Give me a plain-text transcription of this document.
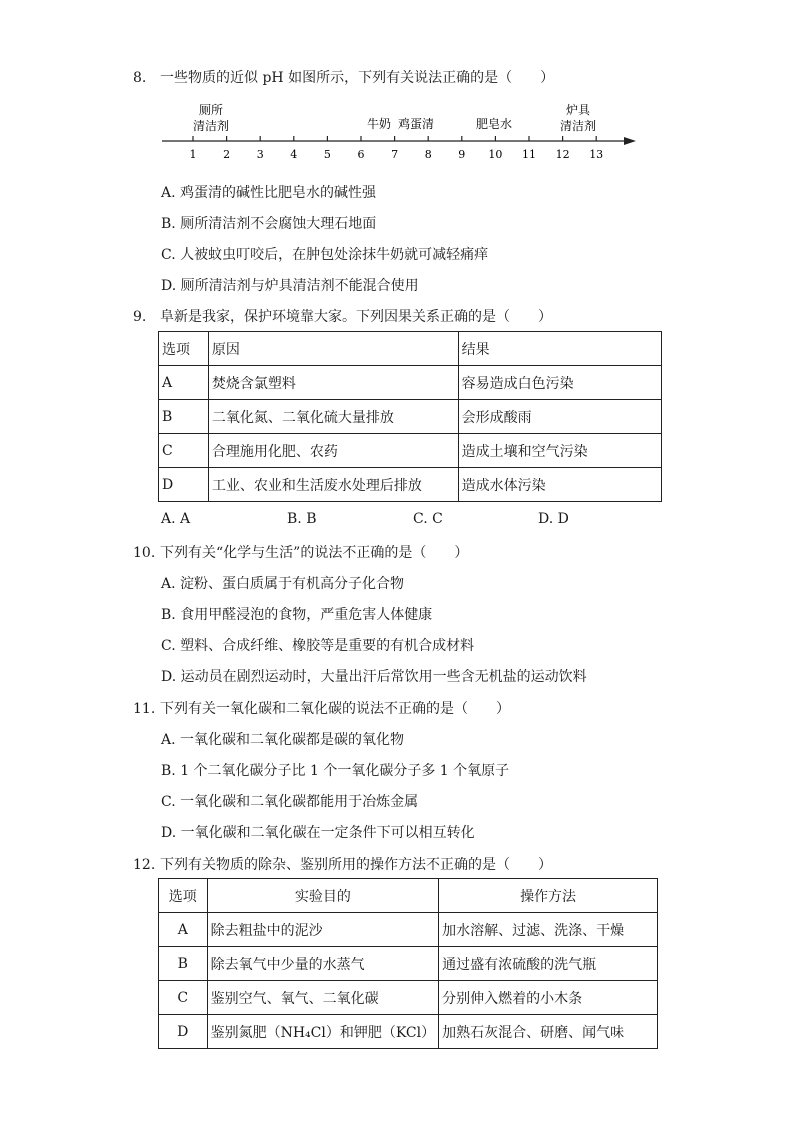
8. 一些物质的近似 pH 如图所示，下列有关说法正确的是（　　）
厕所
清洁剂	牛奶 鸡蛋清	肥皂水
炉具
清洁剂
1 2 3 4 5 6 7 8 9 10 11 12 13
A. 鸡蛋清的碱性比肥皂水的碱性强
B. 厕所清洁剂不会腐蚀大理石地面
C. 人被蚊虫叮咬后，在肿包处涂抹牛奶就可减轻痛痒
D. 厕所清洁剂与炉具清洁剂不能混合使用
9. 阜新是我家，保护环境靠大家。下列因果关系正确的是（　　）
选项	原因	结果
A	焚烧含氯塑料	容易造成白色污染
B	二氧化氮、二氧化硫大量排放	会形成酸雨
C	合理施用化肥、农药	造成土壤和空气污染
D	工业、农业和生活废水处理后排放	造成水体污染
A. A	B. B	C. C	D. D
10. 下列有关“化学与生活”的说法不正确的是（　　）
A. 淀粉、蛋白质属于有机高分子化合物
B. 食用甲醛浸泡的食物，严重危害人体健康
C. 塑料、合成纤维、橡胶等是重要的有机合成材料
D. 运动员在剧烈运动时，大量出汗后常饮用一些含无机盐的运动饮料
11. 下列有关一氧化碳和二氧化碳的说法不正确的是（　　）
A. 一氧化碳和二氧化碳都是碳的氧化物
B. 1 个二氧化碳分子比 1 个一氧化碳分子多 1 个氧原子
C. 一氧化碳和二氧化碳都能用于冶炼金属
D. 一氧化碳和二氧化碳在一定条件下可以相互转化
12. 下列有关物质的除杂、鉴别所用的操作方法不正确的是（　　）
选项	实验目的	操作方法
A	除去粗盐中的泥沙	加水溶解、过滤、洗涤、干燥
B	除去氧气中少量的水蒸气	通过盛有浓硫酸的洗气瓶
C	鉴别空气、氧气、二氧化碳	分别伸入燃着的小木条
D	鉴别氮肥（NH₄Cl）和钾肥（KCl）	加熟石灰混合、研磨、闻气味
